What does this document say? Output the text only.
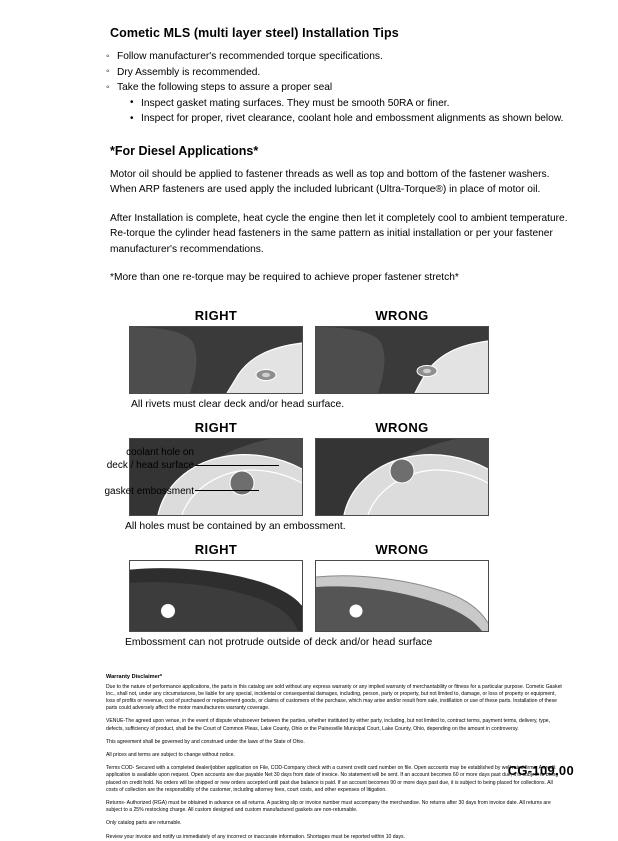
Cometic MLS (multi layer steel) Installation Tips
◦ Follow manufacturer's recommended torque specifications.
◦ Dry Assembly is recommended.
◦ Take the following steps to assure a proper seal
• Inspect gasket mating surfaces. They must be smooth 50RA or finer.
• Inspect for proper, rivet clearance, coolant hole and embossment alignments as shown below.
*For Diesel Applications*

Motor oil should be applied to fastener threads as well as top and bottom of the fastener washers. When ARP fasteners are used apply the included lubricant (Ultra-Torque®) in place of motor oil.

After Installation is complete, heat cycle the engine then let it completely cool to ambient temperature. Re-torque the cylinder head fasteners in the same pattern as initial installation or per your fastener manufacturer's recommendations.

*More than one re-torque may be required to achieve proper fastener stretch*

RIGHT	WRONG
All rivets must clear deck and/or head surface.
RIGHT	WRONG
coolant hole on
deck / head surface
gasket embossment
All holes must be contained by an embossment.
RIGHT	WRONG
Embossment can not protrude outside of deck and/or head surface
Warranty Disclaimer*

Due to the nature of performance applications, the parts in this catalog are sold without any express warranty or any implied warranty of merchantability or fitness for a particular purpose. Cometic Gasket Inc., shall not, under any circumstances, be liable for any special, incidental or consequential damages, including, person, party or property, but not limited to, damage, or loss of property or equipment, loss of profits or revenue, cost of purchased or replacement goods, or claims of customers of the purchase, which may arise and/or result from sale, instillation or use of these parts. Installation of these parts could adversely affect the motor manufacturers warranty coverage.

VENUE-The agreed upon venue, in the event of dispute whatsoever between the parties, whether instituted by either party, including, but not limited to, contract terms, payment terms, delivery, type, defects, sufficiency of product, shall be the Court of Common Pleas, Lake County, Ohio or the Painesville Municipal Court, Lake County, Ohio, depending on the amount in controversy.

This agreement shall be governed by and construed under the laws of the State of Ohio.

All prices and terms are subject to change without notice.

Terms COD- Secured with a completed dealer/jobber application on File, COD-Company check with a current credit card number on file. Open accounts may be established by well rated firms. A credit application is available upon request. Open accounts are due payable Net 30 days from date of invoice. No statement will be sent. If an account becomes 60 or more days past due, it is subject to being placed on credit hold. No orders will be shipped or new orders accepted until past due balance is paid. If an account becomes 90 or more days past due, it is subject to being placed for collections. All costs of collection are the responsibility of the customer, including attorney fees, court costs, and other expenses of litigation.

Returns- Authorized (RGA) must be obtained in advance on all returns. A packing slip or invoice number must accompany the merchandise. No returns after 30 days from invoice date. All returns are subject to a 25% restocking charge. All custom designed and custom manufactured gaskets are non-returnable.

Only catalog parts are returnable.

Review your invoice and notify us immediately of any incorrect or inaccurate information. Shortages must be reported within 10 days.

CG-109.00
